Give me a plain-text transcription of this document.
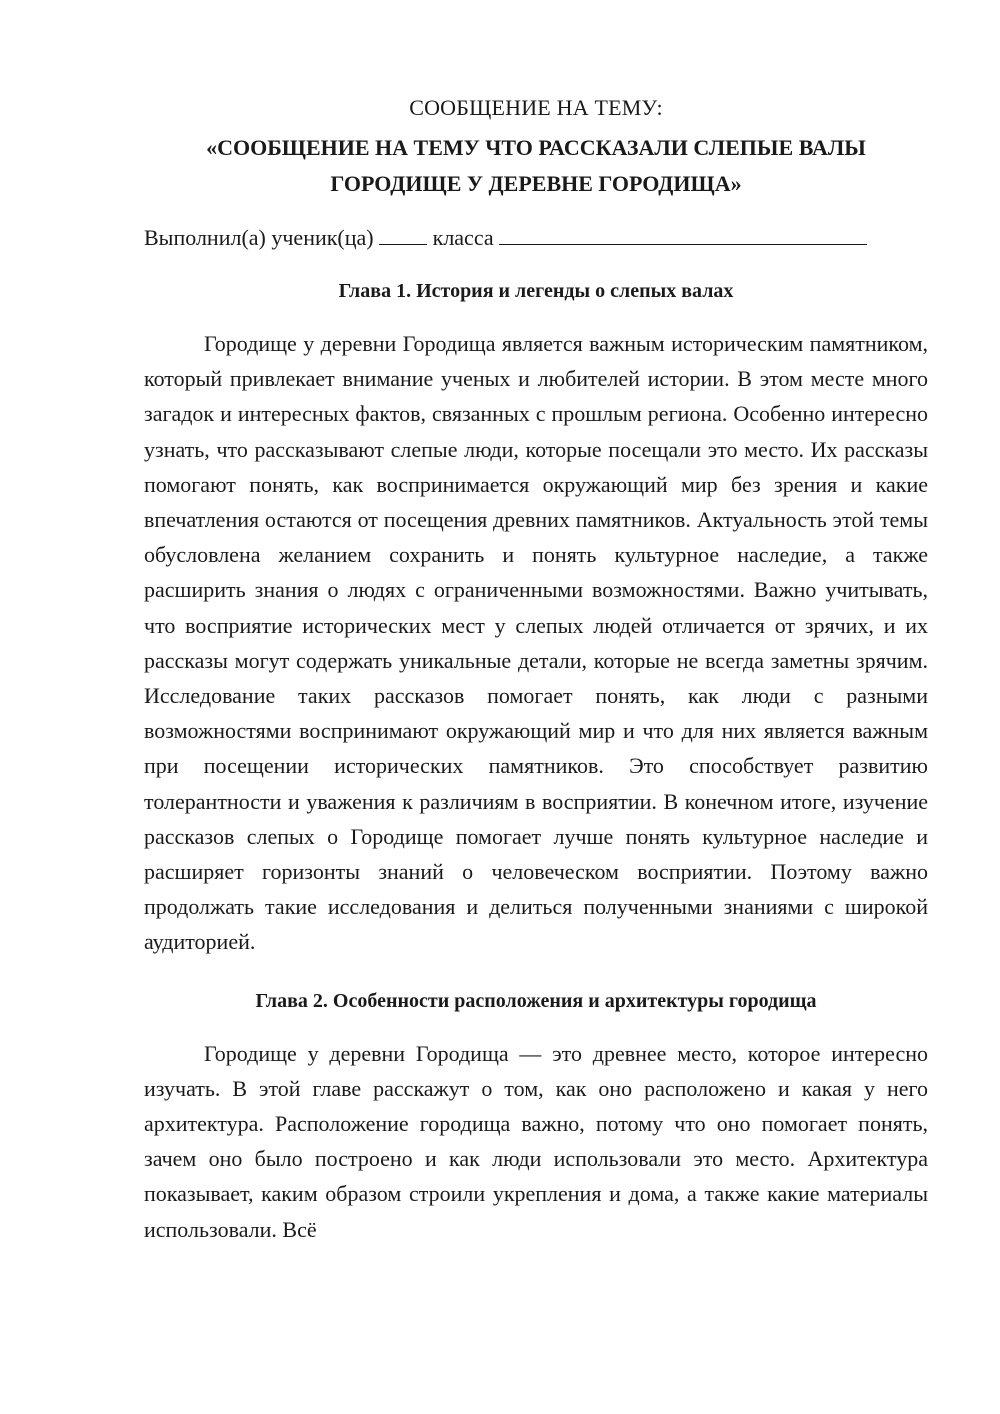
СООБЩЕНИЕ НА ТЕМУ:

«СООБЩЕНИЕ НА ТЕМУ ЧТО РАССКАЗАЛИ СЛЕПЫЕ ВАЛЫ
ГОРОДИЩЕ У ДЕРЕВНЕ ГОРОДИЩА»

Выполнил(а) ученик(ца)	класса

Глава 1. История и легенды о слепых валах

Городище у деревни Городища является важным историческим памятником, который привлекает внимание ученых и любителей истории. В этом месте много загадок и интересных фактов, связанных с прошлым региона. Особенно интересно узнать, что рассказывают слепые люди, которые посещали это место. Их рассказы помогают понять, как воспринимается окружающий мир без зрения и какие впечатления остаются от посещения древних памятников. Актуальность этой темы обусловлена желанием сохранить и понять культурное наследие, а также расширить знания о людях с ограниченными возможностями. Важно учитывать, что восприятие исторических мест у слепых людей отличается от зрячих, и их рассказы могут содержать уникальные детали, которые не всегда заметны зрячим. Исследование таких рассказов помогает понять, как люди с разными возможностями воспринимают окружающий мир и что для них является важным при посещении исторических памятников. Это способствует развитию толерантности и уважения к различиям в восприятии. В конечном итоге, изучение рассказов слепых о Городище помогает лучше понять культурное наследие и расширяет горизонты знаний о человеческом восприятии. Поэтому важно продолжать такие исследования и делиться полученными знаниями с широкой аудиторией.

Глава 2. Особенности расположения и архитектуры городища

Городище у деревни Городища — это древнее место, которое интересно изучать. В этой главе расскажут о том, как оно расположено и какая у него архитектура. Расположение городища важно, потому что оно помогает понять, зачем оно было построено и как люди использовали это место. Архитектура показывает, каким образом строили укрепления и дома, а также какие материалы использовали. Всё
